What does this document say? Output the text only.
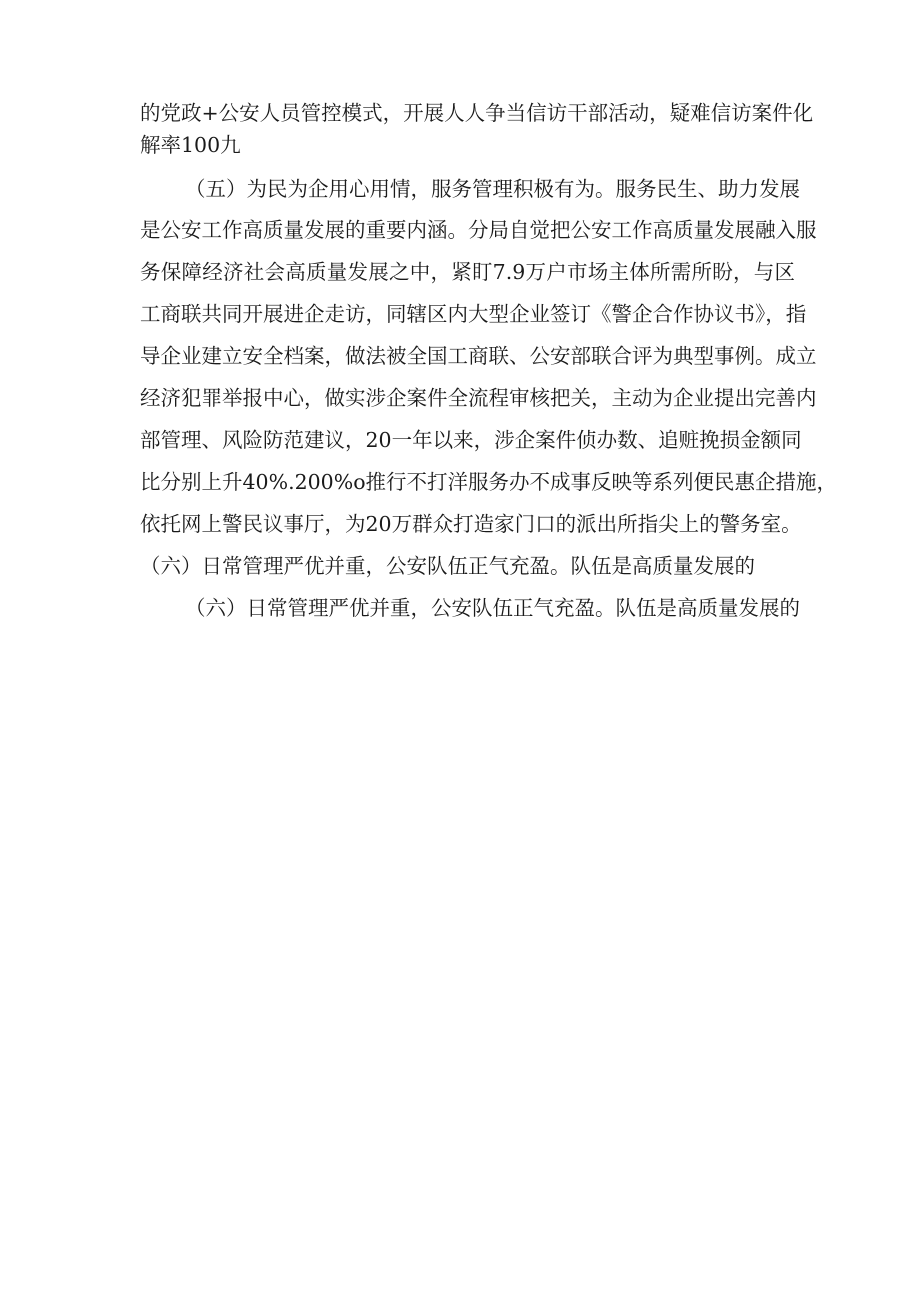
的党政+公安人员管控模式，开展人人争当信访干部活动，疑难信访案件化
解率100九
（五）为民为企用心用情，服务管理积极有为。服务民生、助力发展
是公安工作高质量发展的重要内涵。分局自觉把公安工作高质量发展融入服
务保障经济社会高质量发展之中，紧盯7.9万户市场主体所需所盼，与区
工商联共同开展进企走访，同辖区内大型企业签订《警企合作协议书》，指
导企业建立安全档案，做法被全国工商联、公安部联合评为典型事例。成立
经济犯罪举报中心，做实涉企案件全流程审核把关，主动为企业提出完善内
部管理、风险防范建议，20一年以来，涉企案件侦办数、追赃挽损金额同
比分别上升40%.200%o推行不打洋服务办不成事反映等系列便民惠企措施，
依托网上警民议事厅，为20万群众打造家门口的派出所指尖上的警务室。
（六）日常管理严优并重，公安队伍正气充盈。队伍是高质量发展的
（六）日常管理严优并重，公安队伍正气充盈。队伍是高质量发展的
